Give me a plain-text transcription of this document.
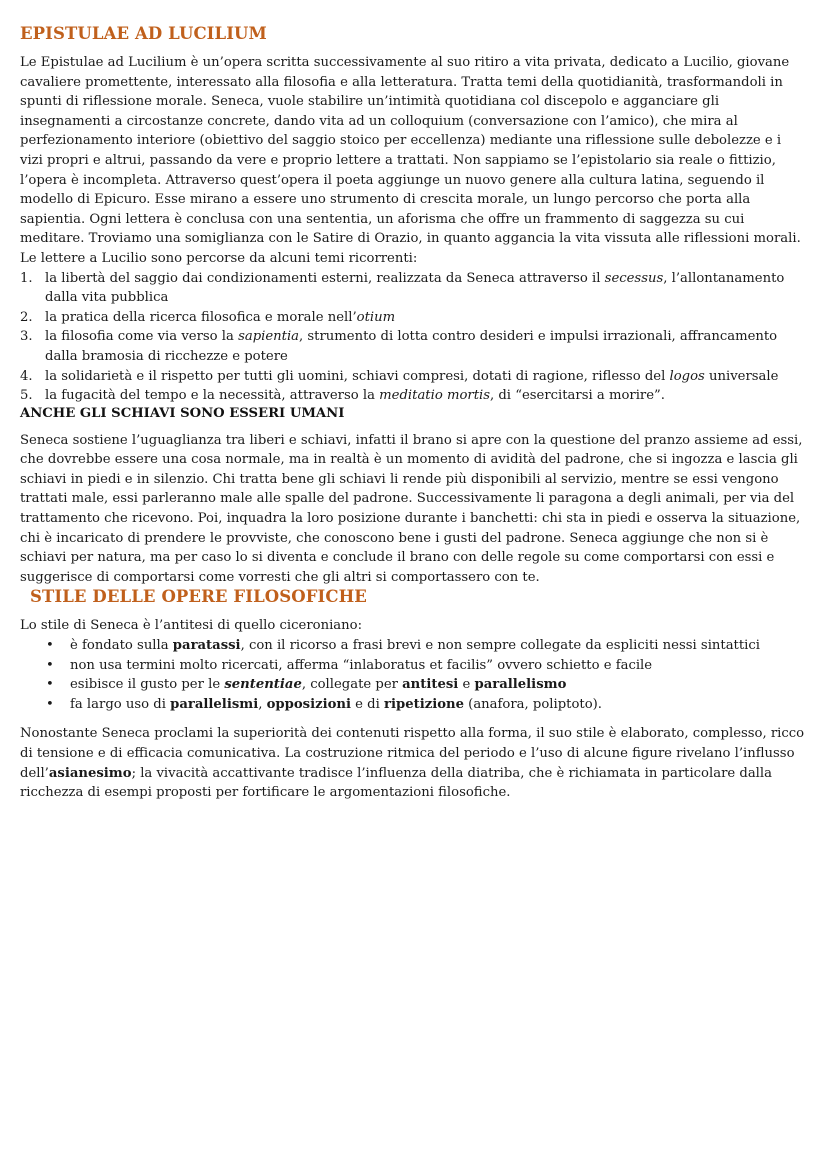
EPISTULAE AD LUCILIUM

Le Epistulae ad Lucilium è un’opera scritta successivamente al suo ritiro a vita privata, dedicato a Lucilio, giovane cavaliere promettente, interessato alla filosofia e alla letteratura. Tratta temi della quotidianità, trasformandoli in spunti di riflessione morale. Seneca, vuole stabilire un’intimità quotidiana col discepolo e agganciare gli insegnamenti a circostanze concrete, dando vita ad un colloquium (conversazione con l’amico), che mira al perfezionamento interiore (obiettivo del saggio stoico per eccellenza) mediante una riflessione sulle debolezze e i vizi propri e altrui, passando da vere e proprio lettere a trattati. Non sappiamo se l’epistolario sia reale o fittizio, l’opera è incompleta. Attraverso quest’opera il poeta aggiunge un nuovo genere alla cultura latina, seguendo il modello di Epicuro. Esse mirano a essere uno strumento di crescita morale, un lungo percorso che porta alla sapientia. Ogni lettera è conclusa con una sententia, un aforisma che offre un frammento di saggezza su cui meditare. Troviamo una somiglianza con le Satire di Orazio, in quanto aggancia la vita vissuta alle riflessioni morali. Le lettere a Lucilio sono percorse da alcuni temi ricorrenti:

1. la libertà del saggio dai condizionamenti esterni, realizzata da Seneca attraverso il secessus, l’allontanamento dalla vita pubblica
2. la pratica della ricerca filosofica e morale nell’otium
3. la filosofia come via verso la sapientia, strumento di lotta contro desideri e impulsi irrazionali, affrancamento dalla bramosia di ricchezze e potere
4. la solidarietà e il rispetto per tutti gli uomini, schiavi compresi, dotati di ragione, riflesso del logos universale
5. la fugacità del tempo e la necessità, attraverso la meditatio mortis, di “esercitarsi a morire”.
ANCHE GLI SCHIAVI SONO ESSERI UMANI

Seneca sostiene l’uguaglianza tra liberi e schiavi, infatti il brano si apre con la questione del pranzo assieme ad essi, che dovrebbe essere una cosa normale, ma in realtà è un momento di avidità del padrone, che si ingozza e lascia gli schiavi in piedi e in silenzio. Chi tratta bene gli schiavi li rende più disponibili al servizio, mentre se essi vengono trattati male, essi parleranno male alle spalle del padrone. Successivamente li paragona a degli animali, per via del trattamento che ricevono. Poi, inquadra la loro posizione durante i banchetti: chi sta in piedi e osserva la situazione, chi è incaricato di prendere le provviste, che conoscono bene i gusti del padrone. Seneca aggiunge che non si è schiavi per natura, ma per caso lo si diventa e conclude il brano con delle regole su come comportarsi con essi e suggerisce di comportarsi come vorresti che gli altri si comportassero con te.

STILE DELLE OPERE FILOSOFICHE

Lo stile di Seneca è l’antitesi di quello ciceroniano:

• è fondato sulla paratassi, con il ricorso a frasi brevi e non sempre collegate da espliciti nessi sintattici
• non usa termini molto ricercati, afferma “inlaboratus et facilis” ovvero schietto e facile
• esibisce il gusto per le sententiae, collegate per antitesi e parallelismo
• fa largo uso di parallelismi, opposizioni e di ripetizione (anafora, poliptoto).

Nonostante Seneca proclami la superiorità dei contenuti rispetto alla forma, il suo stile è elaborato, complesso, ricco di tensione e di efficacia comunicativa. La costruzione ritmica del periodo e l’uso di alcune figure rivelano l’influsso dell’asianesimo; la vivacità accattivante tradisce l’influenza della diatriba, che è richiamata in particolare dalla ricchezza di esempi proposti per fortificare le argomentazioni filosofiche.
